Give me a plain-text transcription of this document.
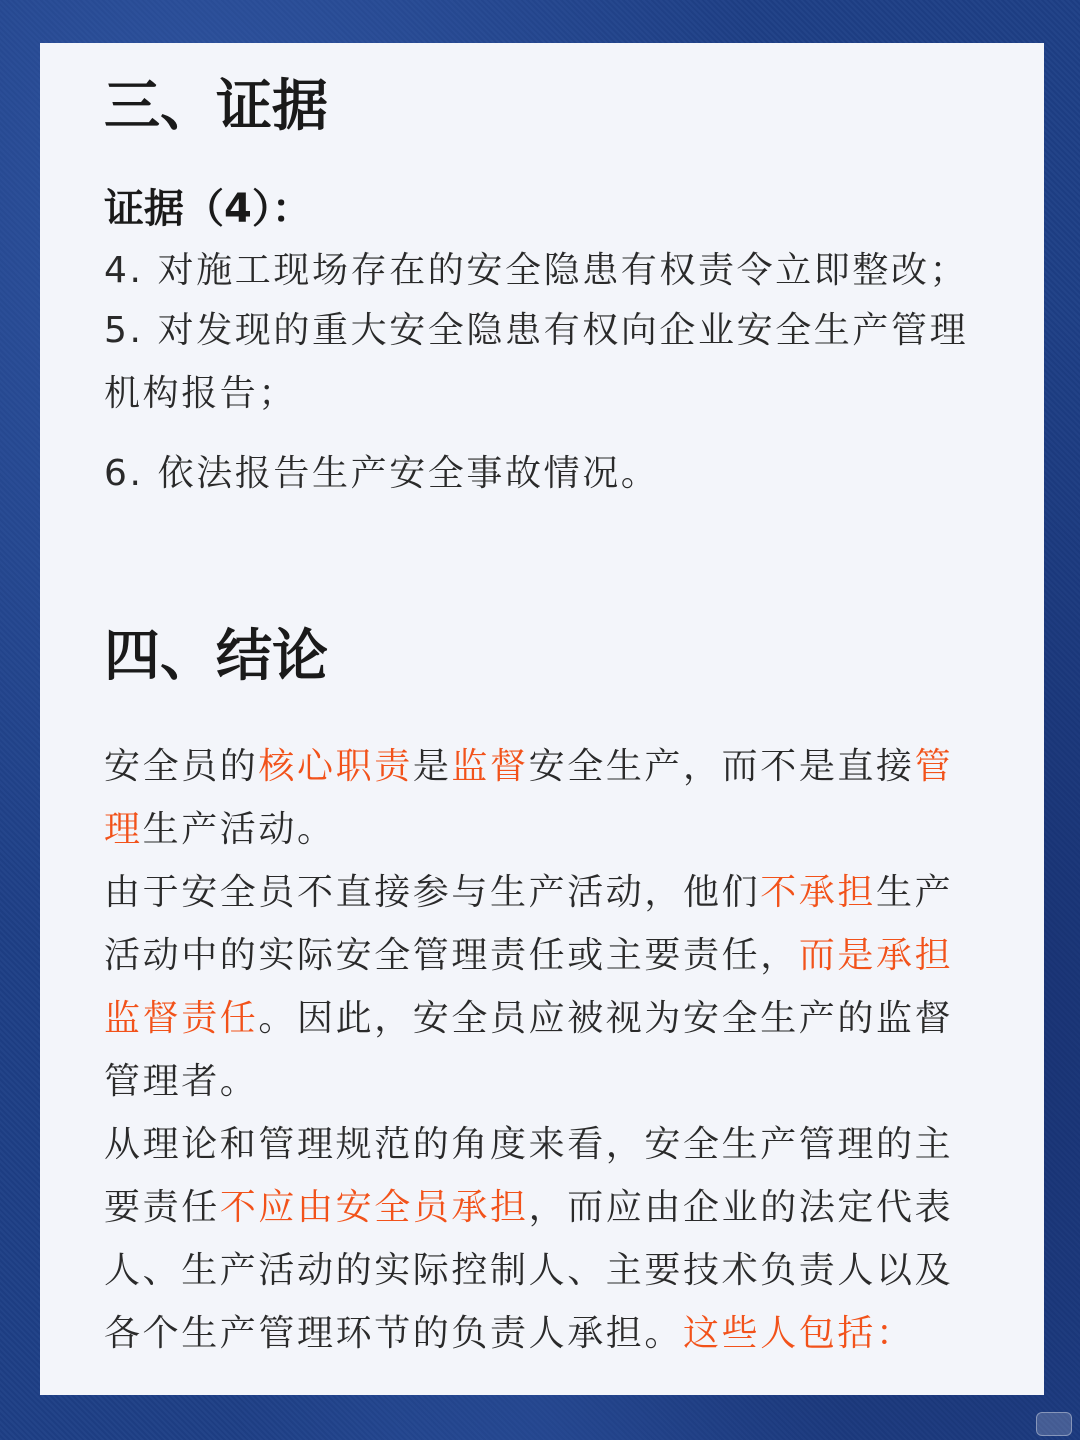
三、证据
证据（4）：

4. 对施工现场存在的安全隐患有权责令立即整改；

5. 对发现的重大安全隐患有权向企业安全生产管理机构报告；

6. 依法报告生产安全事故情况。

四、结论

安全员的核心职责是监督安全生产，而不是直接管理生产活动。

由于安全员不直接参与生产活动，他们不承担生产活动中的实际安全管理责任或主要责任，而是承担监督责任。因此，安全员应被视为安全生产的监督管理者。

从理论和管理规范的角度来看，安全生产管理的主要责任不应由安全员承担，而应由企业的法定代表人、生产活动的实际控制人、主要技术负责人以及各个生产管理环节的负责人承担。这些人包括：
